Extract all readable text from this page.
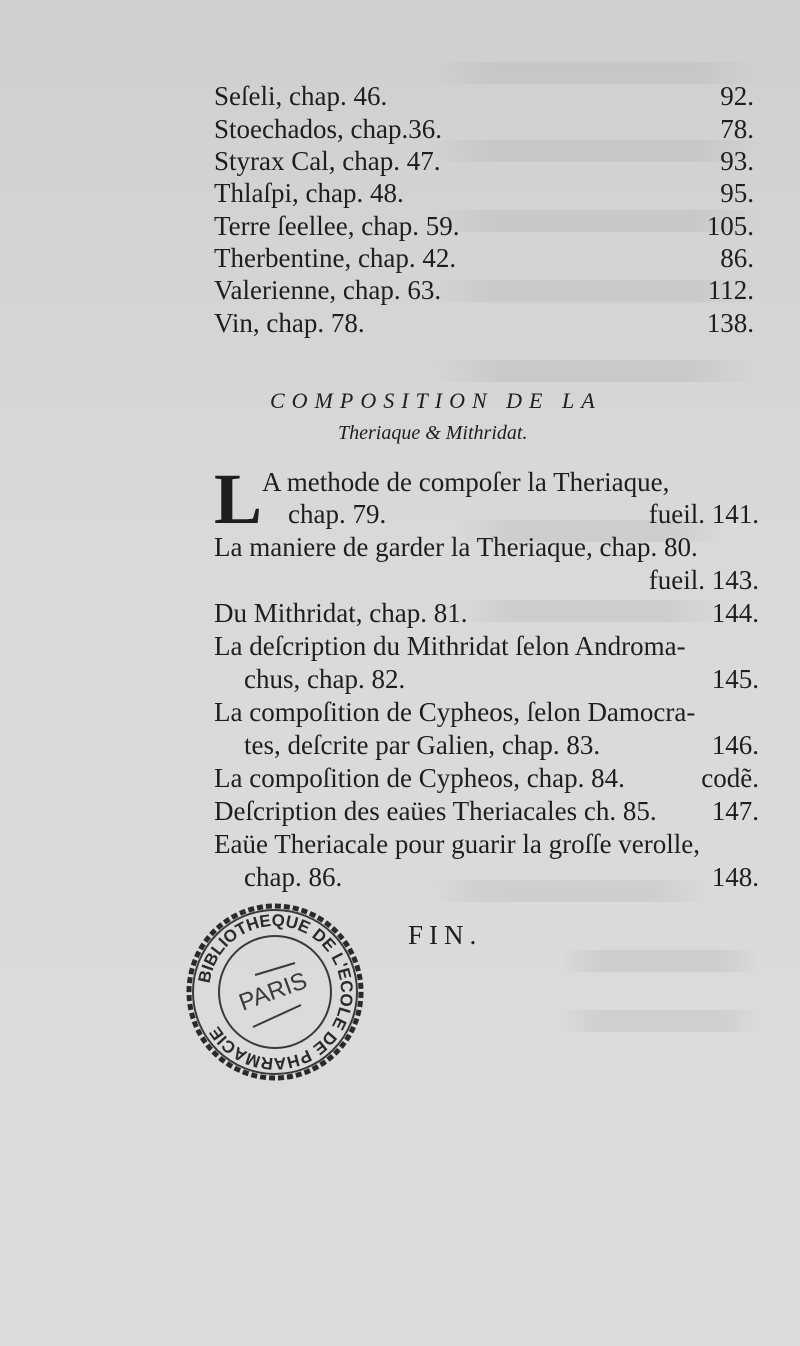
Seſeli, chap. 46.	92.
Stoechados, chap.36.	78.
Styrax Cal, chap. 47.	93.
Thlaſpi, chap. 48.	95.
Terre ſeellee, chap. 59.	105.
Therbentine, chap. 42.	86.
Valerienne, chap. 63.	112.
Vin, chap. 78.	138.
COMPOSITION DE LA
Theriaque & Mithridat.
L A methode de compoſer la Theriaque,
chap. 79.	fueil. 141.
La maniere de garder la Theriaque, chap. 80.
fueil. 143.
Du Mithridat, chap. 81.	144.
La deſcription du Mithridat ſelon Androma-
chus, chap. 82.	145.
La compoſition de Cypheos, ſelon Damocra-
tes, deſcrite par Galien, chap. 83.	146.
La compoſition de Cypheos, chap. 84.	codẽ.
Deſcription des eaües Theriacales ch. 85. 147.
Eaüe Theriacale pour guarir la groſſe verolle,
chap. 86.	148.
FIN.
BIBLIOTHEQUE DE L'ECOLE DE PHARMACIE
PARIS
